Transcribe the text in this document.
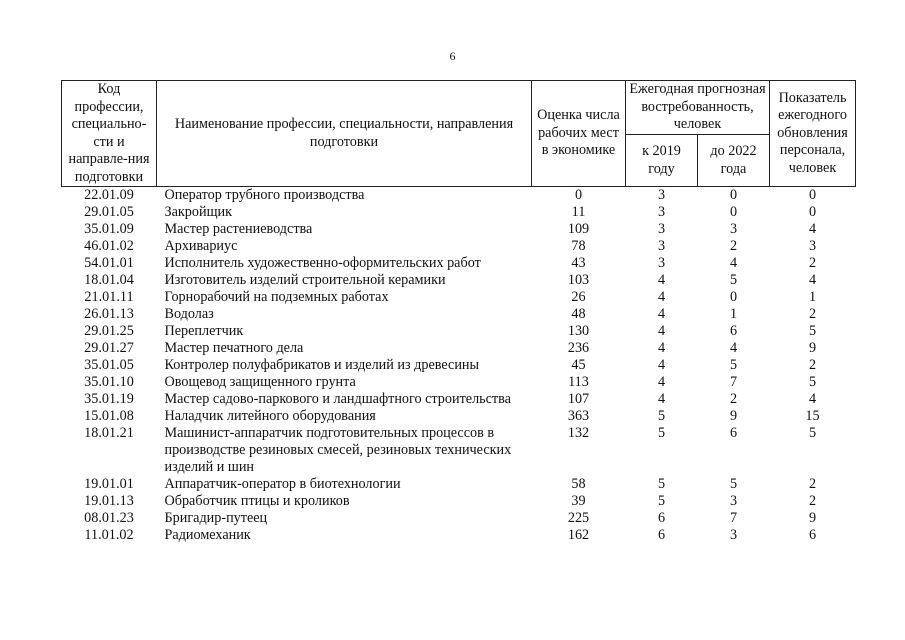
6
Код профессии, специально-сти и направле-ния подготовки	Наименование профессии, специальности, направления подготовки	Оценка числа рабочих мест в экономике	Ежегодная прогнозная востребованность, человек		Показатель ежегодного обновления персонала, человек
			к 2019 году	до 2022 года	
22.01.09	Оператор трубного производства	0	3	0	0
29.01.05	Закройщик	11	3	0	0
35.01.09	Мастер растениеводства	109	3	3	4
46.01.02	Архивариус	78	3	2	3
54.01.01	Исполнитель художественно-оформительских работ	43	3	4	2
18.01.04	Изготовитель изделий строительной керамики	103	4	5	4
21.01.11	Горнорабочий на подземных работах	26	4	0	1
26.01.13	Водолаз	48	4	1	2
29.01.25	Переплетчик	130	4	6	5
29.01.27	Мастер печатного дела	236	4	4	9
35.01.05	Контролер полуфабрикатов и изделий из древесины	45	4	5	2
35.01.10	Овощевод защищенного грунта	113	4	7	5
35.01.19	Мастер садово-паркового и ландшафтного строительства	107	4	2	4
15.01.08	Наладчик литейного оборудования	363	5	9	15
18.01.21	Машинист-аппаратчик подготовительных процессов в производстве резиновых смесей, резиновых технических изделий и шин	132	5	6	5
19.01.01	Аппаратчик-оператор в биотехнологии	58	5	5	2
19.01.13	Обработчик птицы и кроликов	39	5	3	2
08.01.23	Бригадир-путеец	225	6	7	9
11.01.02	Радиомеханик	162	6	3	6
